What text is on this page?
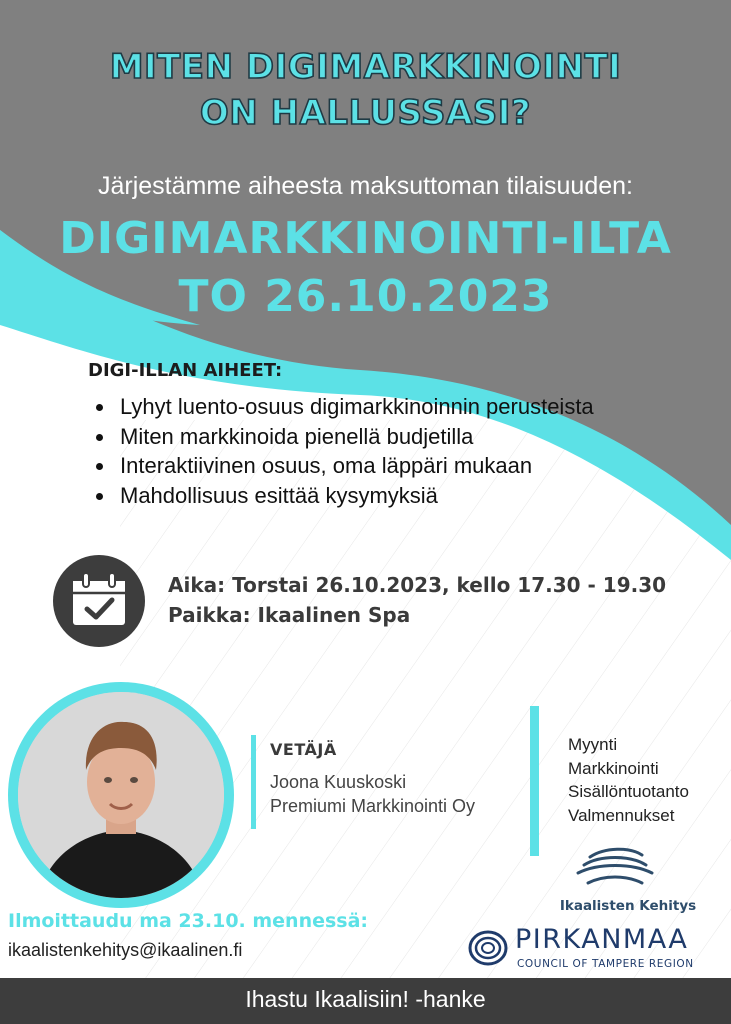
MITEN DIGIMARKKINOINTI
ON HALLUSSASI?
Järjestämme aiheesta maksuttoman tilaisuuden:
DIGIMARKKINOINTI-ILTA
TO 26.10.2023
DIGI-ILLAN AIHEET:
Lyhyt luento-osuus digimarkkinoinnin perusteista
Miten markkinoida pienellä budjetilla
Interaktiivinen osuus, oma läppäri mukaan
Mahdollisuus esittää kysymyksiä
Aika: Torstai 26.10.2023, kello 17.30 - 19.30
Paikka: Ikaalinen Spa
VETÄJÄ
Joona Kuuskoski
Premiumi Markkinointi Oy
Myynti
Markkinointi
Sisällöntuotanto
Valmennukset
Ikaalisten Kehitys
PIRKANMAA
COUNCIL OF TAMPERE REGION
Ilmoittaudu ma 23.10. mennessä:
ikaalistenkehitys@ikaalinen.fi
Ihastu Ikaalisiin! -hanke
